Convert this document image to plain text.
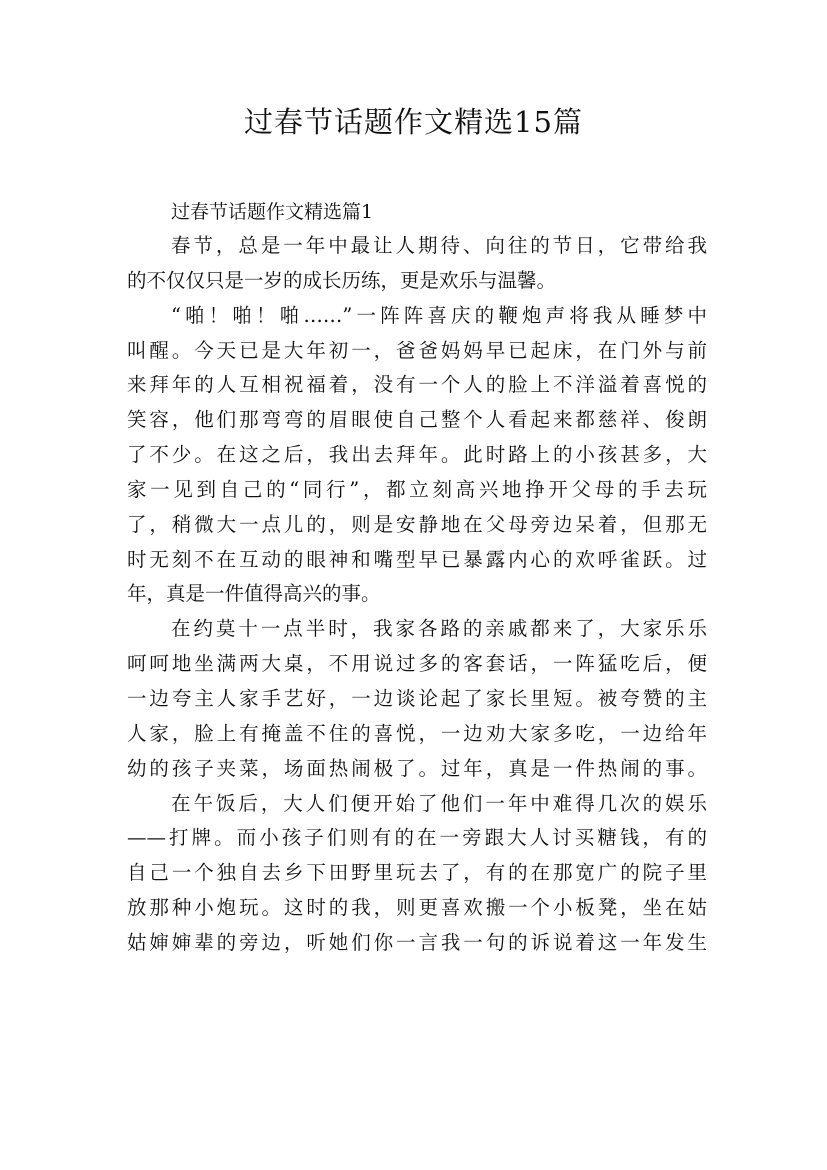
过春节话题作文精选15篇

过春节话题作文精选篇1

春节，总是一年中最让人期待、向往的节日，它带给我
的不仅仅只是一岁的成长历练，更是欢乐与温馨。
“啪！啪！啪……”一阵阵喜庆的鞭炮声将我从睡梦中
叫醒。今天已是大年初一，爸爸妈妈早已起床，在门外与前
来拜年的人互相祝福着，没有一个人的脸上不洋溢着喜悦的
笑容，他们那弯弯的眉眼使自己整个人看起来都慈祥、俊朗
了不少。在这之后，我出去拜年。此时路上的小孩甚多，大
家一见到自己的“同行”，都立刻高兴地挣开父母的手去玩
了，稍微大一点儿的，则是安静地在父母旁边呆着，但那无
时无刻不在互动的眼神和嘴型早已暴露内心的欢呼雀跃。过
年，真是一件值得高兴的事。
在约莫十一点半时，我家各路的亲戚都来了，大家乐乐
呵呵地坐满两大桌，不用说过多的客套话，一阵猛吃后，便
一边夸主人家手艺好，一边谈论起了家长里短。被夸赞的主
人家，脸上有掩盖不住的喜悦，一边劝大家多吃，一边给年
幼的孩子夹菜，场面热闹极了。过年，真是一件热闹的事。
在午饭后，大人们便开始了他们一年中难得几次的娱乐
——打牌。而小孩子们则有的在一旁跟大人讨买糖钱，有的
自己一个独自去乡下田野里玩去了，有的在那宽广的院子里
放那种小炮玩。这时的我，则更喜欢搬一个小板凳，坐在姑
姑婶婶辈的旁边，听她们你一言我一句的诉说着这一年发生
